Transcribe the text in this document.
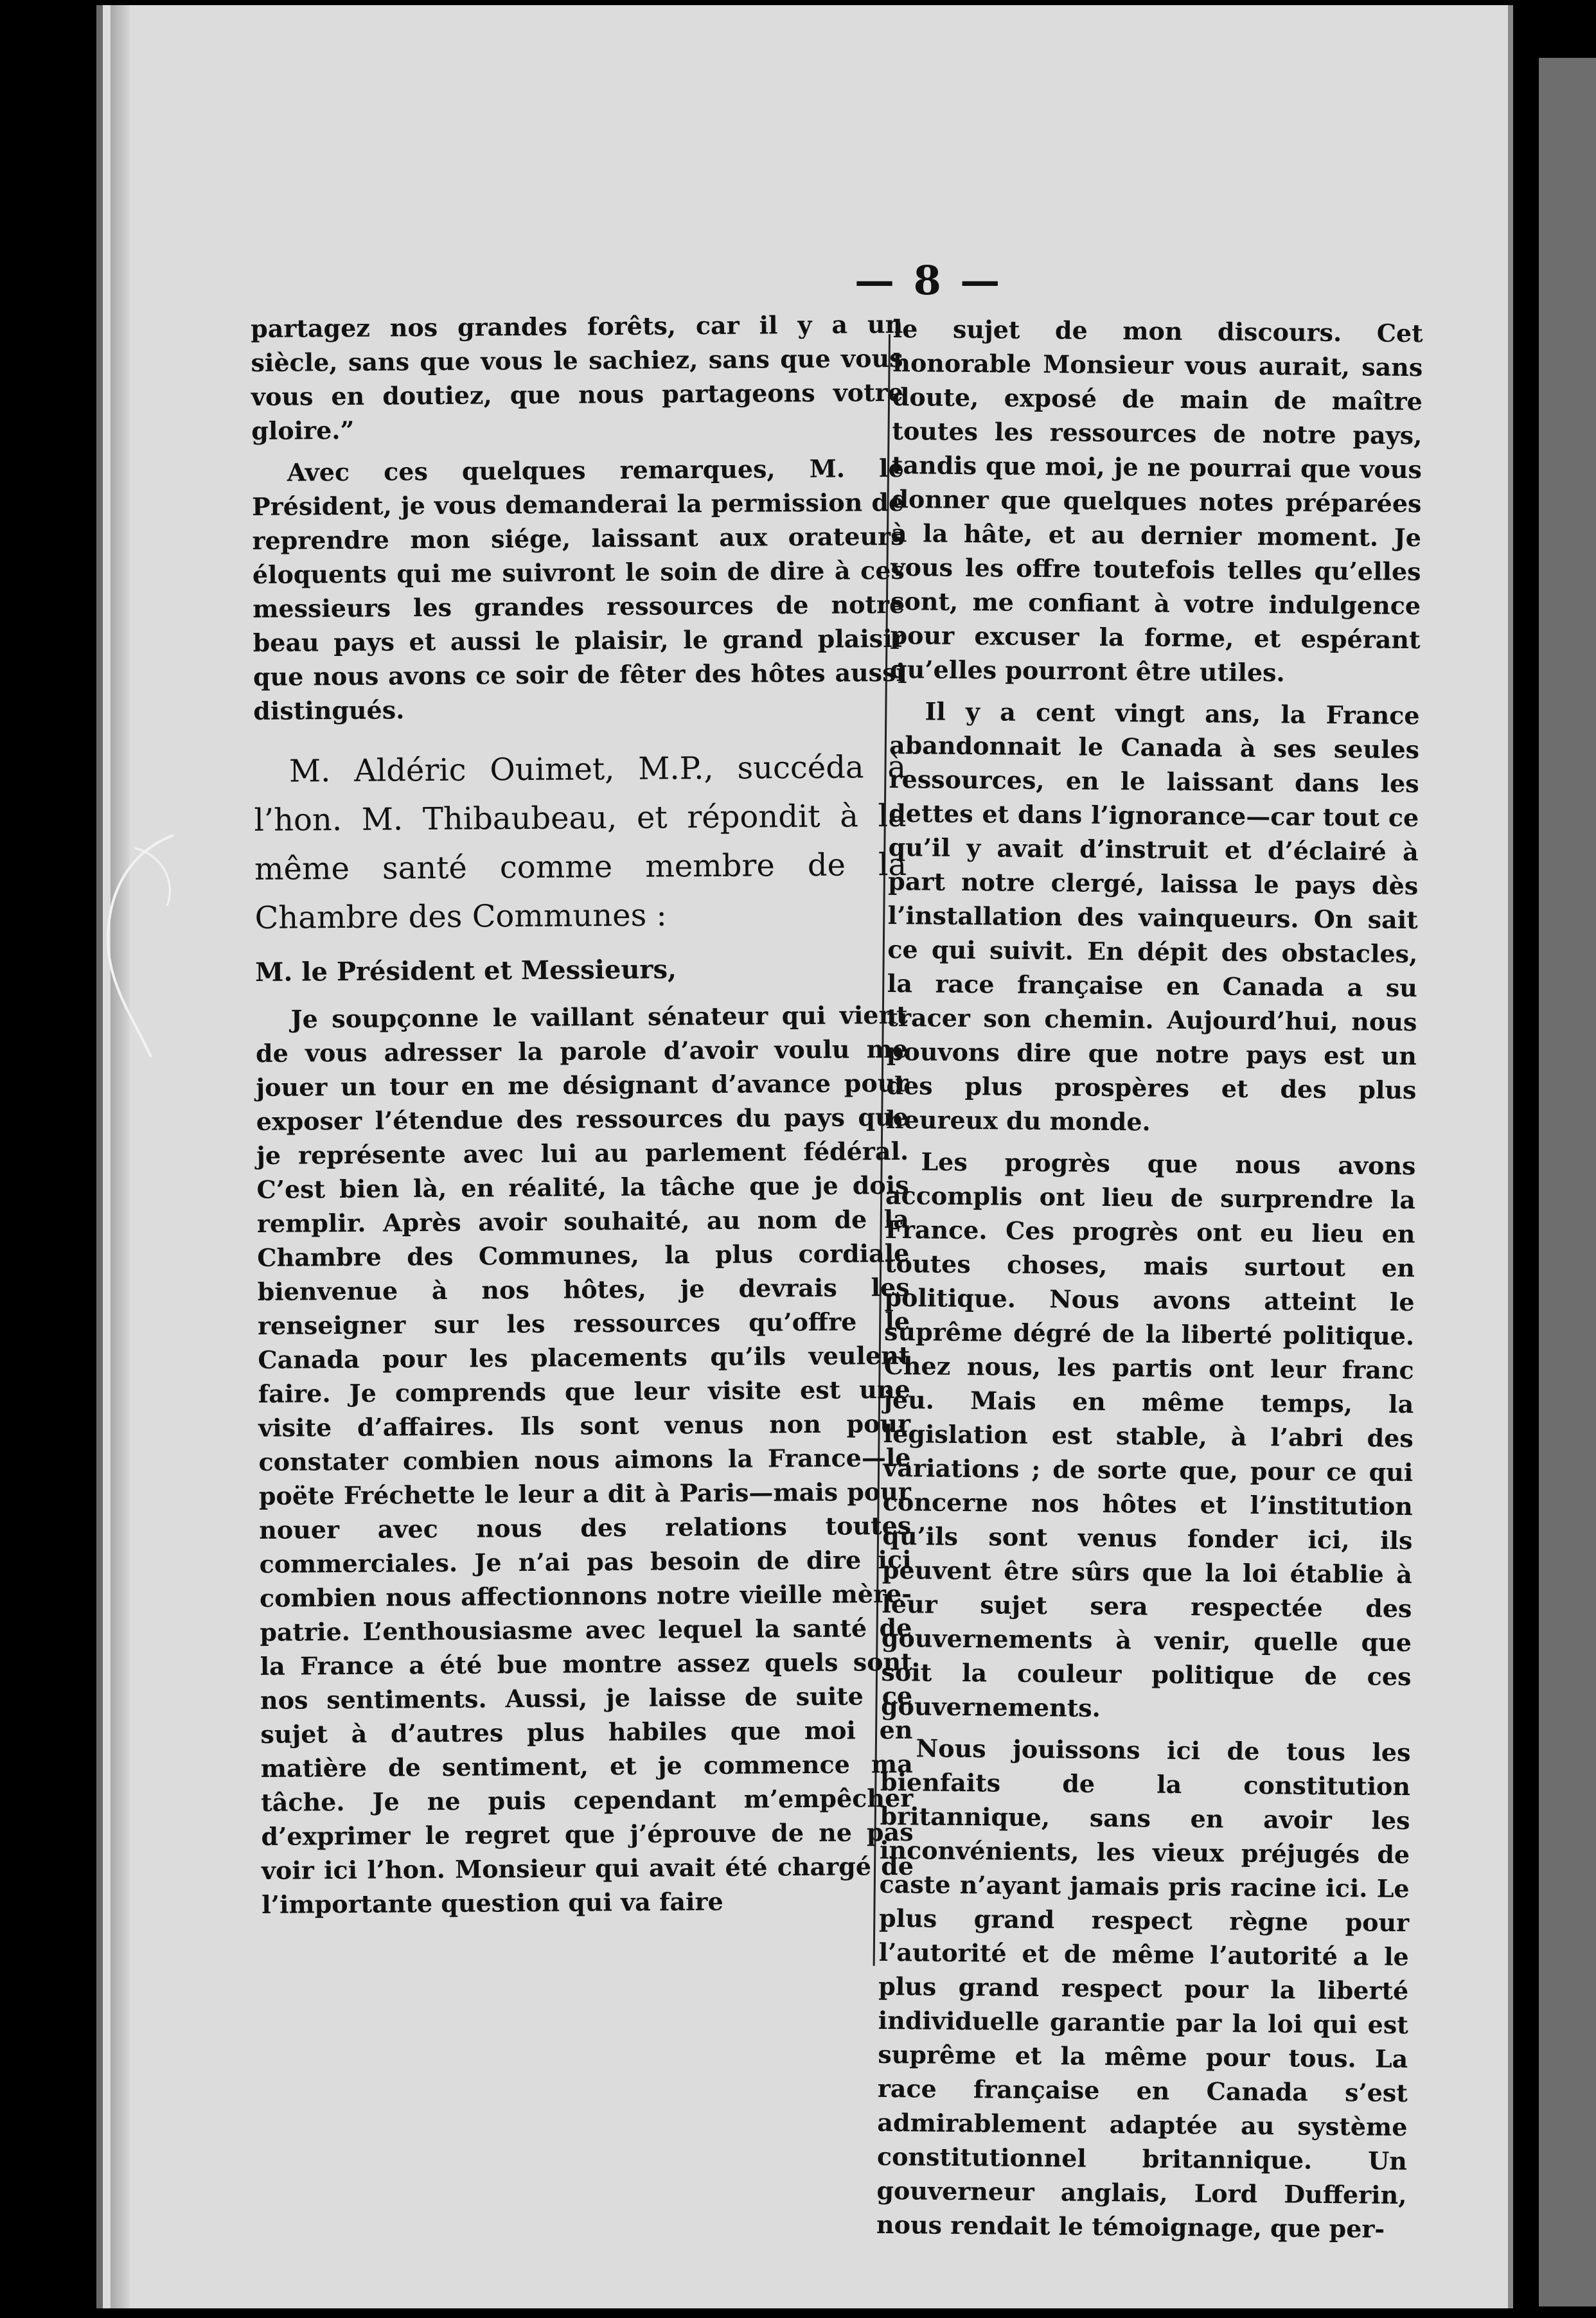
— 8 —

partagez nos grandes forêts, car il y a un siècle, sans que vous le sachiez, sans que vous vous en doutiez, que nous partageons votre gloire.”

Avec ces quelques remarques, M. le Président, je vous demanderai la permission de reprendre mon siége, laissant aux orateurs éloquents qui me suivront le soin de dire à ces messieurs les grandes ressources de notre beau pays et aussi le plaisir, le grand plaisir que nous avons ce soir de fêter des hôtes aussi distingués.

M. Aldéric Ouimet, M.P., succéda à l’hon. M. Thibaubeau, et répondit à la même santé comme membre de la Chambre des Communes :

M. le Président et Messieurs,

Je soupçonne le vaillant sénateur qui vient de vous adresser la parole d’avoir voulu me jouer un tour en me désignant d’avance pour exposer l’étendue des ressources du pays que je représente avec lui au parlement fédéral. C’est bien là, en réalité, la tâche que je dois remplir. Après avoir souhaité, au nom de la Chambre des Communes, la plus cordiale bienvenue à nos hôtes, je devrais les renseigner sur les ressources qu’offre le Canada pour les placements qu’ils veulent faire. Je comprends que leur visite est une visite d’affaires. Ils sont venus non pour constater combien nous aimons la France—le poëte Fréchette le leur a dit à Paris—mais pour nouer avec nous des relations toutes commerciales. Je n’ai pas besoin de dire ici combien nous affectionnons notre vieille mère-patrie. L’enthousiasme avec lequel la santé de la France a été bue montre assez quels sont nos sentiments. Aussi, je laisse de suite ce sujet à d’autres plus habiles que moi en matière de sentiment, et je commence ma tâche. Je ne puis cependant m’empêcher d’exprimer le regret que j’éprouve de ne pas voir ici l’hon. Monsieur qui avait été chargé de l’importante question qui va faire

le sujet de mon discours. Cet honorable Monsieur vous aurait, sans doute, exposé de main de maître toutes les ressources de notre pays, tandis que moi, je ne pourrai que vous donner que quelques notes préparées à la hâte, et au dernier moment. Je vous les offre toutefois telles qu’elles sont, me confiant à votre indulgence pour excuser la forme, et espérant qu’elles pourront être utiles.

Il y a cent vingt ans, la France abandonnait le Canada à ses seules ressources, en le laissant dans les dettes et dans l’ignorance—car tout ce qu’il y avait d’instruit et d’éclairé à part notre clergé, laissa le pays dès l’installation des vainqueurs. On sait ce qui suivit. En dépit des obstacles, la race française en Canada a su tracer son chemin. Aujourd’hui, nous pouvons dire que notre pays est un des plus prospères et des plus heureux du monde.

Les progrès que nous avons accomplis ont lieu de surprendre la France. Ces progrès ont eu lieu en toutes choses, mais surtout en politique. Nous avons atteint le suprême dégré de la liberté politique. Chez nous, les partis ont leur franc jeu. Mais en même temps, la législation est stable, à l’abri des variations ; de sorte que, pour ce qui concerne nos hôtes et l’institution qu’ils sont venus fonder ici, ils peuvent être sûrs que la loi établie à leur sujet sera respectée des gouvernements à venir, quelle que soit la couleur politique de ces gouvernements.

Nous jouissons ici de tous les bienfaits de la constitution britannique, sans en avoir les inconvénients, les vieux préjugés de caste n’ayant jamais pris racine ici. Le plus grand respect règne pour l’autorité et de même l’autorité a le plus grand respect pour la liberté individuelle garantie par la loi qui est suprême et la même pour tous. La race française en Canada s’est admirablement adaptée au système constitutionnel britannique. Un gouverneur anglais, Lord Dufferin, nous rendait le témoignage, que per-
